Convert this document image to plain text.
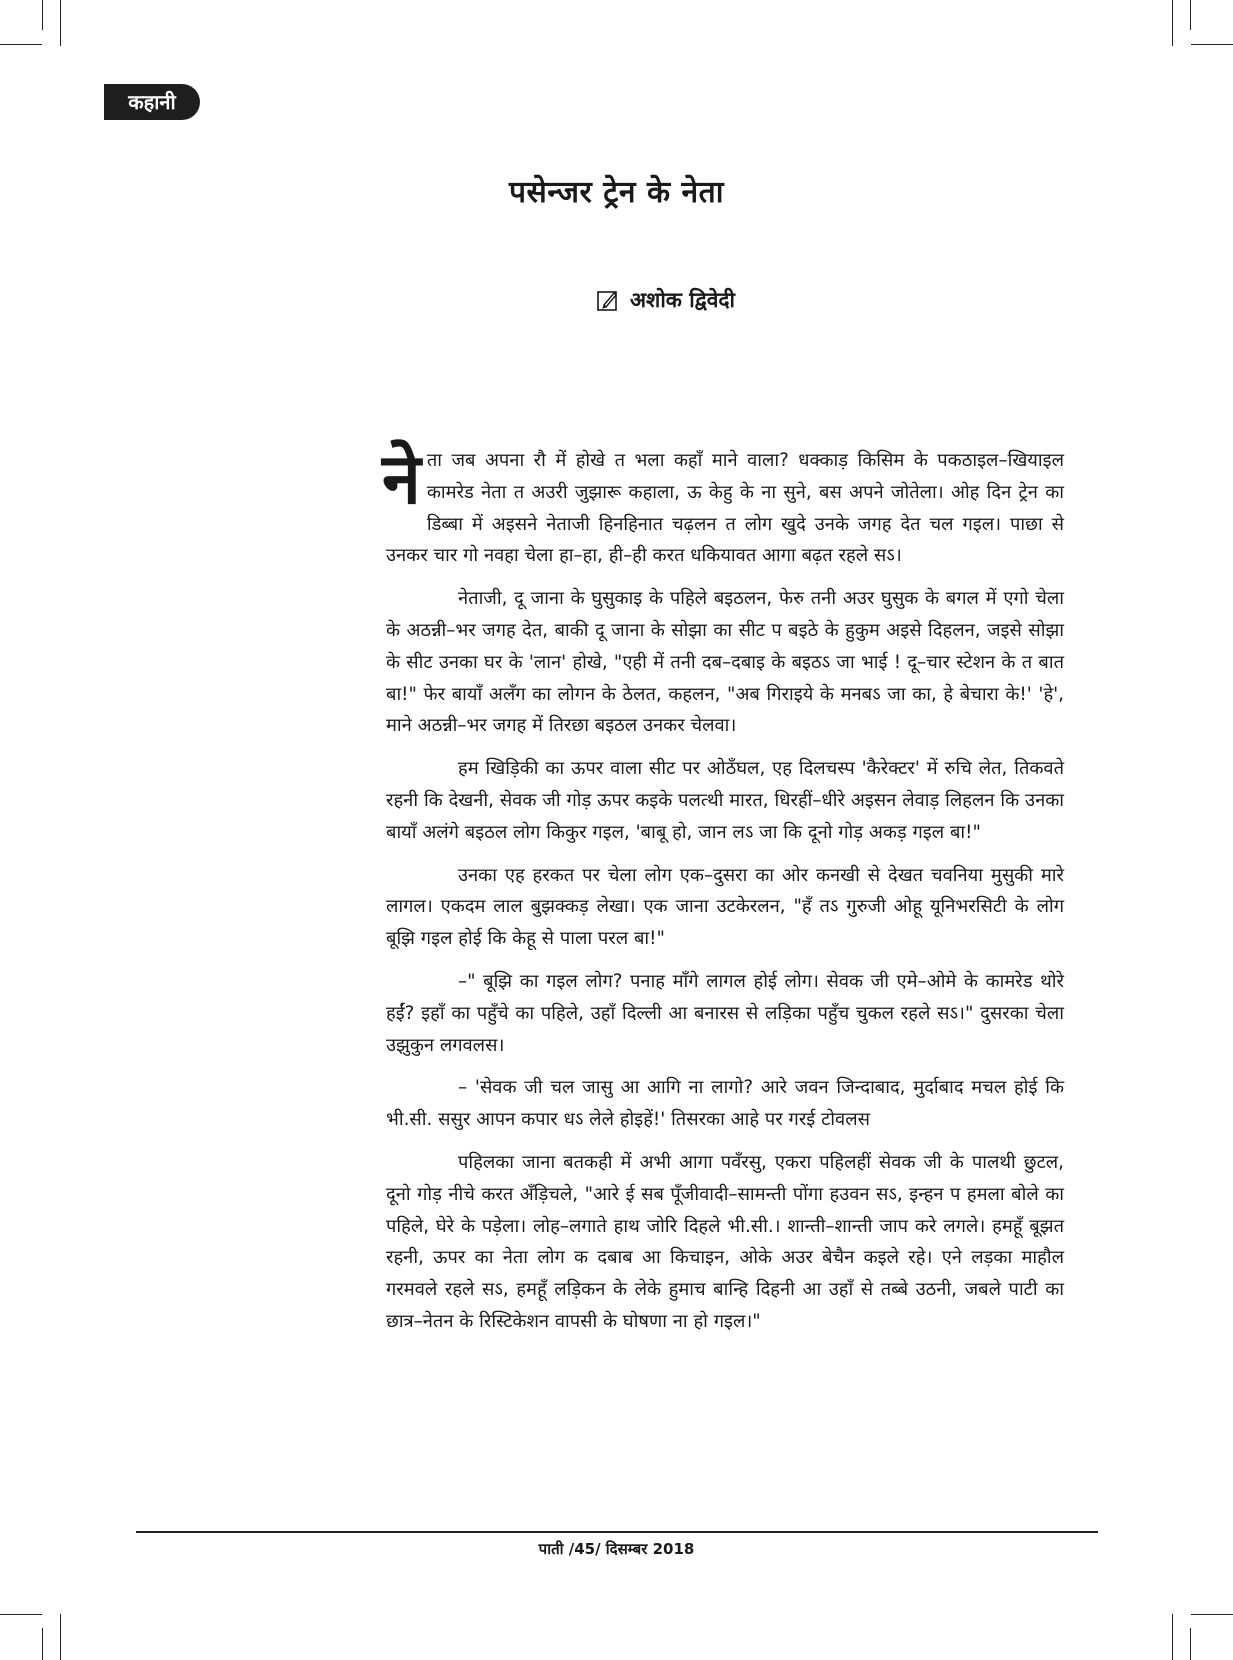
कहानी
पसेन्जर ट्रेन के नेता
अशोक द्विवेदी

नेता जब अपना रौ में होखे त भला कहाँ माने वाला? धक्काड़ किसिम के पकठाइल–खियाइल कामरेड नेता त अउरी जुझारू कहाला, ऊ केहु के ना सुने, बस अपने जोतेला। ओह दिन ट्रेन का डिब्बा में अइसने नेताजी हिनहिनात चढ़लन त लोग खुदे उनके जगह देत चल गइल। पाछा से उनकर चार गो नवहा चेला हा–हा, ही–ही करत धकियावत आगा बढ़त रहले सऽ।

नेताजी, दू जाना के घुसुकाइ के पहिले बइठलन, फेरु तनी अउर घुसुक के बगल में एगो चेला के अठन्नी–भर जगह देत, बाकी दू जाना के सोझा का सीट प बइठे के हुकुम अइसे दिहलन, जइसे सोझा के सीट उनका घर के 'लान' होखे, "एही में तनी दब–दबाइ के बइठऽ जा भाई ! दू–चार स्टेशन के त बात बा!" फेर बायाँ अलँग का लोगन के ठेलत, कहलन, "अब गिराइये के मनबऽ जा का, हे बेचारा के!' 'हे', माने अठन्नी–भर जगह में तिरछा बइठल उनकर चेलवा।

हम खिड़िकी का ऊपर वाला सीट पर ओठँघल, एह दिलचस्प 'कैरेक्टर' में रुचि लेत, तिकवते रहनी कि देखनी, सेवक जी गोड़ ऊपर कइके पलत्थी मारत, धिरहीं–धीरे अइसन लेवाड़ लिहलन कि उनका बायाँ अलंगे बइठल लोग किकुर गइल, 'बाबू हो, जान लऽ जा कि दूनो गोड़ अकड़ गइल बा!"

उनका एह हरकत पर चेला लोग एक–दुसरा का ओर कनखी से देखत चवनिया मुसुकी मारे लागल। एकदम लाल बुझक्कड़ लेखा। एक जाना उटकेरलन, "हँ तऽ गुरुजी ओहू यूनिभरसिटी के लोग बूझि गइल होई कि केहू से पाला परल बा!"

–" बूझि का गइल लोग? पनाह माँगे लागल होई लोग। सेवक जी एमे–ओमे के कामरेड थोरे हईं? इहाँ का पहुँचे का पहिले, उहाँ दिल्ली आ बनारस से लड़िका पहुँच चुकल रहले सऽ।" दुसरका चेला उझुकुन लगवलस।

– 'सेवक जी चल जासु आ आगि ना लागो? आरे जवन जिन्दाबाद, मुर्दाबाद मचल होई कि भी.सी. ससुर आपन कपार धऽ लेले होइहें!' तिसरका आहे पर गरई टोवलस

पहिलका जाना बतकही में अभी आगा पवँरसु, एकरा पहिलहीं सेवक जी के पालथी छुटल, दूनो गोड़ नीचे करत अँड़िचले, "आरे ई सब पूँजीवादी–सामन्ती पोंगा हउवन सऽ, इन्हन प हमला बोले का पहिले, घेरे के पड़ेला। लोह–लगाते हाथ जोरि दिहले भी.सी.। शान्ती–शान्ती जाप करे लगले। हमहूँ बूझत रहनी, ऊपर का नेता लोग क दबाब आ किचाइन, ओके अउर बेचैन कइले रहे। एने लड़का माहौल गरमवले रहले सऽ, हमहूँ लड़िकन के लेके हुमाच बान्हि दिहनी आ उहाँ से तब्बे उठनी, जबले पाटी का छात्र–नेतन के रिस्टिकेशन वापसी के घोषणा ना हो गइल।"

पाती /45/ दिसम्बर 2018
